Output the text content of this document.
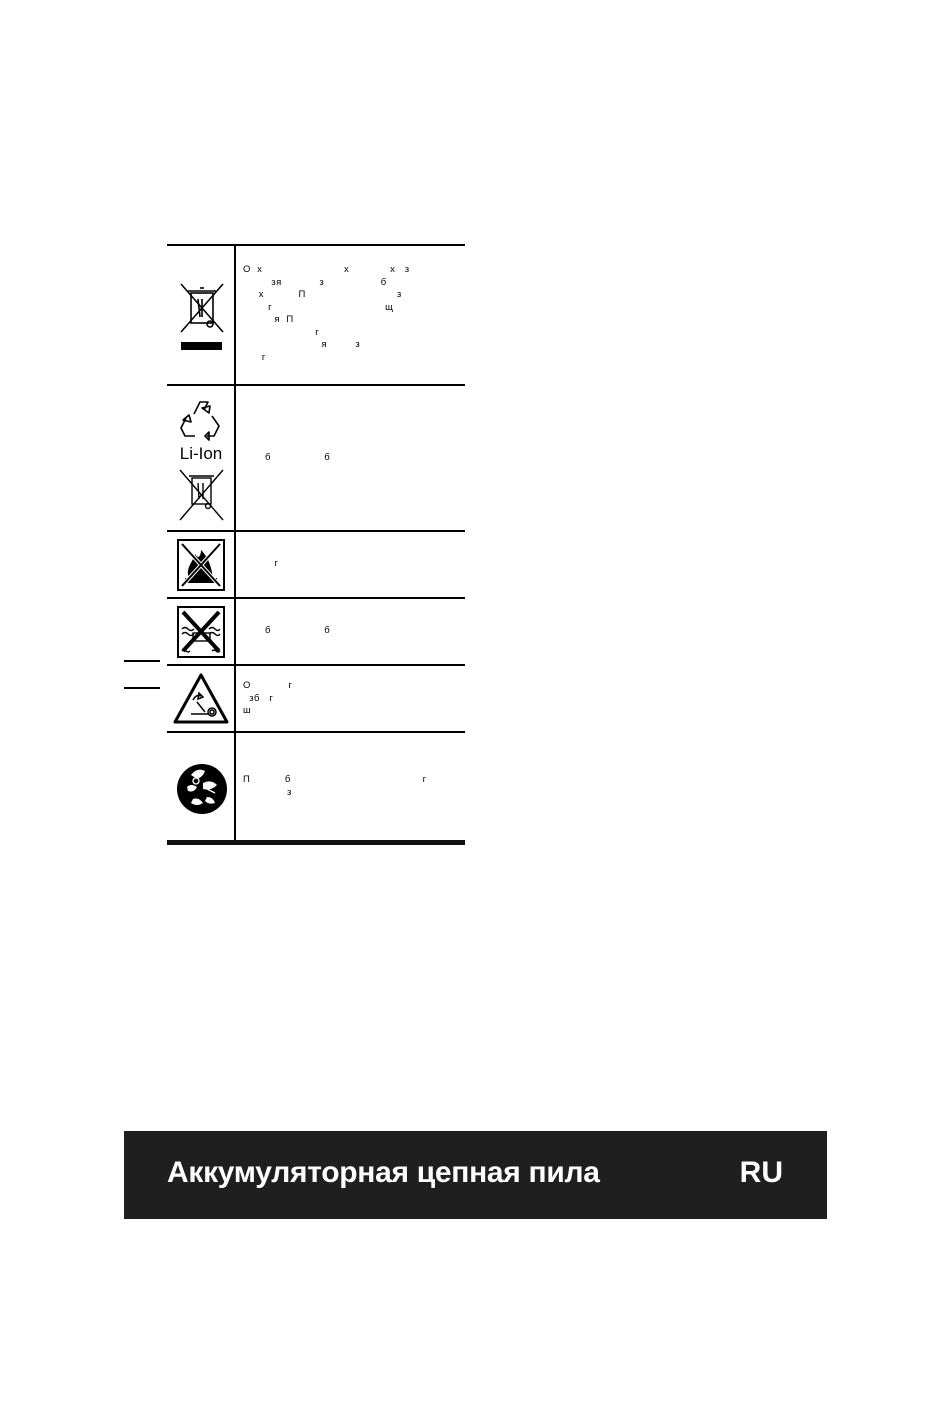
О  х                          х             х   з
зя            з                  б
х           П                             з
г                                    щ
я  П
г
я         з
г
Li-Ion б                 б
г
б                 б
О            г
зб   г
ш
П           б                                          г
з
Аккумуляторная цепная пила	RU
